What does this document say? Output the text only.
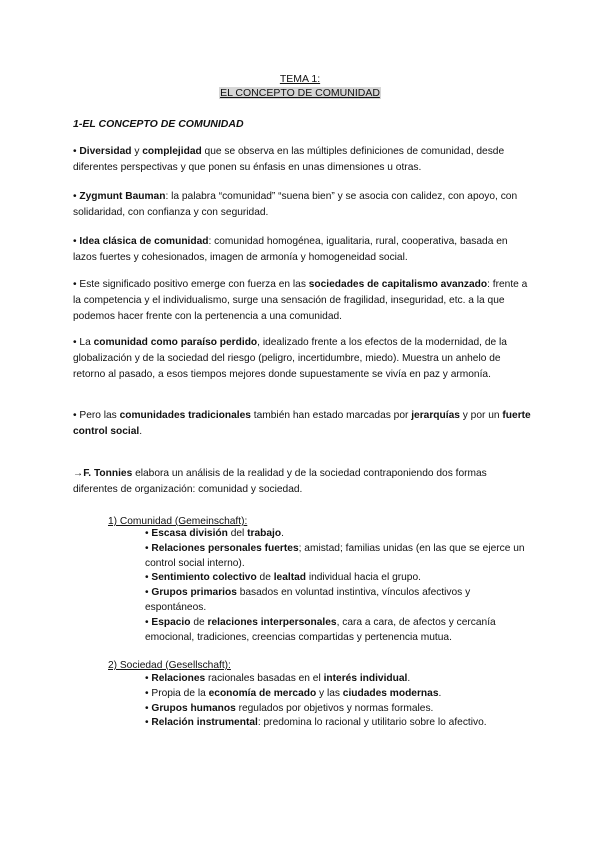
TEMA 1:
EL CONCEPTO DE COMUNIDAD
1-EL CONCEPTO DE COMUNIDAD
• Diversidad y complejidad que se observa en las múltiples definiciones de comunidad, desde diferentes perspectivas y que ponen su énfasis en unas dimensiones u otras.
• Zygmunt Bauman: la palabra “comunidad” “suena bien” y se asocia con calidez, con apoyo, con solidaridad, con confianza y con seguridad.
• Idea clásica de comunidad: comunidad homogénea, igualitaria, rural, cooperativa, basada en lazos fuertes y cohesionados, imagen de armonía y homogeneidad social.
• Este significado positivo emerge con fuerza en las sociedades de capitalismo avanzado: frente a la competencia y el individualismo, surge una sensación de fragilidad, inseguridad, etc. a la que podemos hacer frente con la pertenencia a una comunidad.
• La comunidad como paraíso perdido, idealizado frente a los efectos de la modernidad, de la globalización y de la sociedad del riesgo (peligro, incertidumbre, miedo). Muestra un anhelo de retorno al pasado, a esos tiempos mejores donde supuestamente se vivía en paz y armonía.
• Pero las comunidades tradicionales también han estado marcadas por jerarquías y por un fuerte control social.
→F. Tonnies elabora un análisis de la realidad y de la sociedad contraponiendo dos formas diferentes de organización: comunidad y sociedad.
1) Comunidad (Gemeinschaft):
• Escasa división del trabajo.
• Relaciones personales fuertes; amistad; familias unidas (en las que se ejerce un control social interno).
• Sentimiento colectivo de lealtad individual hacia el grupo.
• Grupos primarios basados en voluntad instintiva, vínculos afectivos y espontáneos.
• Espacio de relaciones interpersonales, cara a cara, de afectos y cercanía emocional, tradiciones, creencias compartidas y pertenencia mutua.
2) Sociedad (Gesellschaft):
• Relaciones racionales basadas en el interés individual.
• Propia de la economía de mercado y las ciudades modernas.
• Grupos humanos regulados por objetivos y normas formales.
• Relación instrumental: predomina lo racional y utilitario sobre lo afectivo.
